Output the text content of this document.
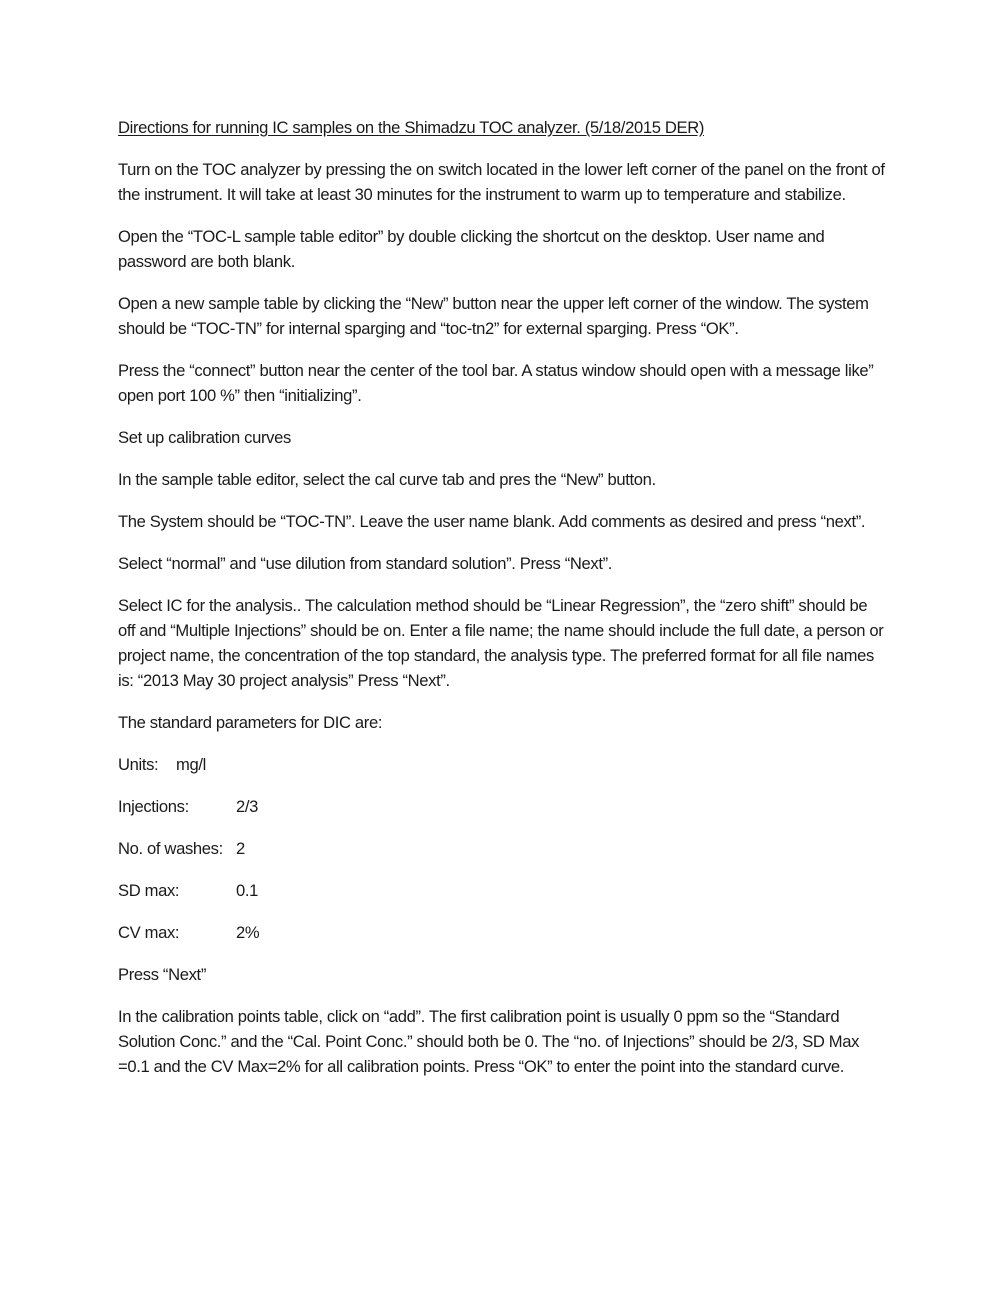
Directions for running IC samples on the Shimadzu TOC analyzer. (5/18/2015 DER)

Turn on the TOC analyzer by pressing the on switch located in the lower left corner of the panel on the front of the instrument. It will take at least 30 minutes for the instrument to warm up to temperature and stabilize.

Open the “TOC-L sample table editor” by double clicking the shortcut on the desktop. User name and password are both blank.

Open a new sample table by clicking the “New” button near the upper left corner of the window. The system should be “TOC-TN” for internal sparging and “toc-tn2” for external sparging. Press “OK”.

Press the “connect” button near the center of the tool bar. A status window should open with a message like” open port 100 %” then “initializing”.

Set up calibration curves

In the sample table editor, select the cal curve tab and pres the “New” button.

The System should be “TOC-TN”. Leave the user name blank. Add comments as desired and press “next”.

Select “normal” and “use dilution from standard solution”. Press “Next”.

Select IC for the analysis.. The calculation method should be “Linear Regression”, the “zero shift” should be off and “Multiple Injections” should be on. Enter a file name; the name should include the full date, a person or project name, the concentration of the top standard, the analysis type. The preferred format for all file names is: “2013 May 30 project analysis” Press “Next”.

The standard parameters for DIC are:

Units:	mg/l
Injections:	2/3
No. of washes: 2
SD max:	0.1
CV max:	2%

Press “Next”

In the calibration points table, click on “add”. The first calibration point is usually 0 ppm so the “Standard Solution Conc.” and the “Cal. Point Conc.” should both be 0. The “no. of Injections” should be 2/3, SD Max =0.1 and the CV Max=2% for all calibration points. Press “OK” to enter the point into the standard curve.
